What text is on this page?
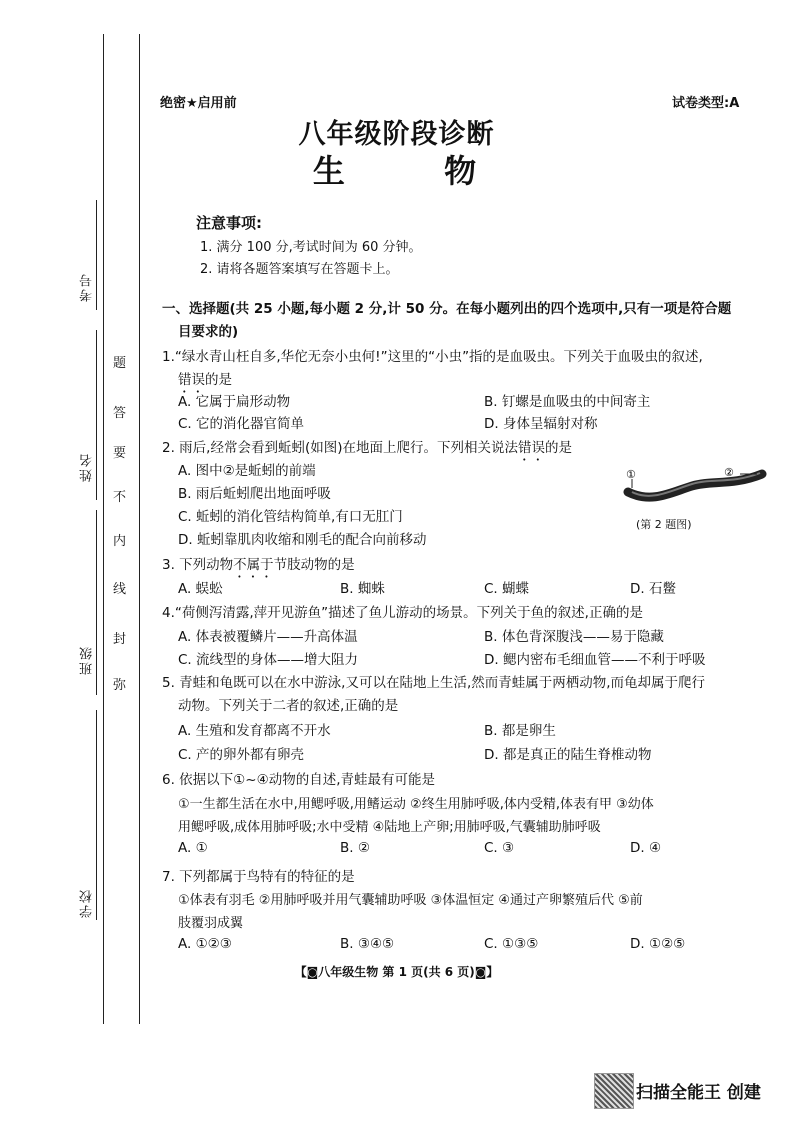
考号
姓名
班级
学校
题
答
要
不
内
线
封
弥
绝密★启用前	试卷类型:A
八年级阶段诊断
生 物
注意事项:
1. 满分 100 分,考试时间为 60 分钟。
2. 请将各题答案填写在答题卡上。
一、选择题(共 25 小题,每小题 2 分,计 50 分。在每小题列出的四个选项中,只有一项是符合题
目要求的)
1.“绿水青山枉自多,华佗无奈小虫何!”这里的“小虫”指的是血吸虫。下列关于血吸虫的叙述,
错误的是
A. 它属于扁形动物	B. 钉螺是血吸虫的中间寄主
C. 它的消化器官简单	D. 身体呈辐射对称
2. 雨后,经常会看到蚯蚓(如图)在地面上爬行。下列相关说法错误的是
A. 图中②是蚯蚓的前端
B. 雨后蚯蚓爬出地面呼吸
C. 蚯蚓的消化管结构简单,有口无肛门
D. 蚯蚓靠肌肉收缩和刚毛的配合向前移动
①	②
(第 2 题图)
3. 下列动物不属于节肢动物的是
A. 蜈蚣	B. 蜘蛛	C. 蝴蝶	D. 石鳖
4.“荷侧泻清露,萍开见游鱼”描述了鱼儿游动的场景。下列关于鱼的叙述,正确的是
A. 体表被覆鳞片——升高体温	B. 体色背深腹浅——易于隐藏
C. 流线型的身体——增大阻力	D. 鳃内密布毛细血管——不利于呼吸
5. 青蛙和龟既可以在水中游泳,又可以在陆地上生活,然而青蛙属于两栖动物,而龟却属于爬行
动物。下列关于二者的叙述,正确的是
A. 生殖和发育都离不开水	B. 都是卵生
C. 产的卵外都有卵壳	D. 都是真正的陆生脊椎动物
6. 依据以下①~④动物的自述,青蛙最有可能是
①一生都生活在水中,用鳃呼吸,用鳍运动 ②终生用肺呼吸,体内受精,体表有甲 ③幼体
用鳃呼吸,成体用肺呼吸;水中受精 ④陆地上产卵;用肺呼吸,气囊辅助肺呼吸
A. ①	B. ②	C. ③	D. ④
7. 下列都属于鸟特有的特征的是
①体表有羽毛 ②用肺呼吸并用气囊辅助呼吸 ③体温恒定 ④通过产卵繁殖后代 ⑤前
肢覆羽成翼
A. ①②③	B. ③④⑤	C. ①③⑤	D. ①②⑤
【◙八年级生物 第 1 页(共 6 页)◙】
扫描全能王 创建
